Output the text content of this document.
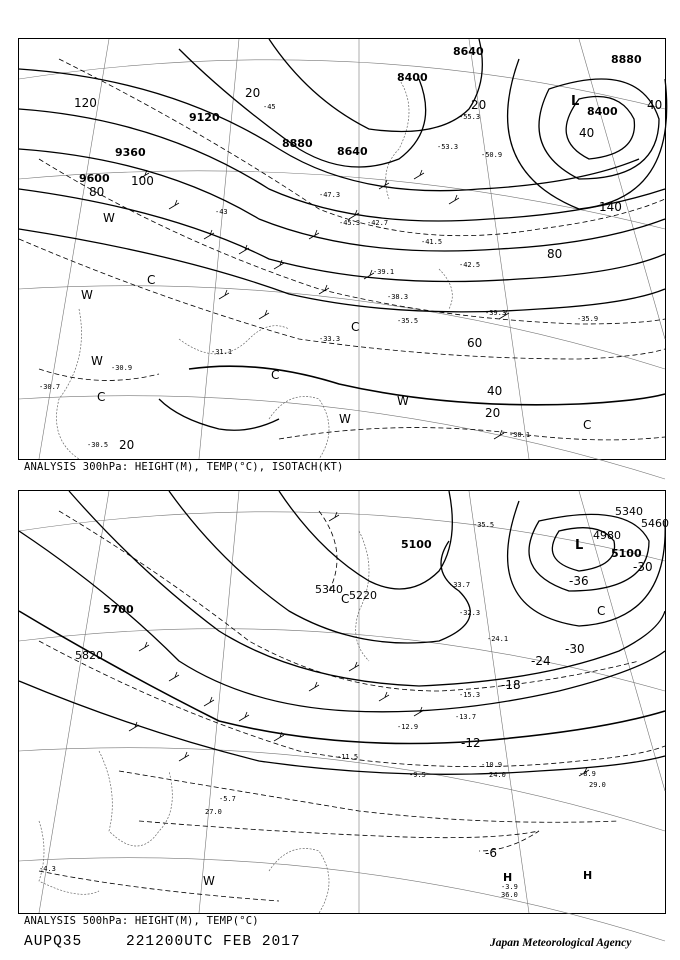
9600
9360
9120
8880
8640
8400
8400
8880
8640
120
100
80
80
60
40
20
20
20
20
40
40
140
-55.3
-53.3
-50.9
-47.3
-45.3 -42.7
-41.5
-39.1
-38.3
-35.5	-35.9
-33.3
-31.1
-30.9
-30.7
-30.5
-30.1
-39.3
-42.5
-45
-43
L
W
W
W
C
C
C
W
W	C
C
ANALYSIS 300hPa: HEIGHT(M), TEMP(°C), ISOTACH(KT)
5700
5820
5220
5340
5100
4980
5100
5340
5460
-36
-30
-30
-24
-18
-12
-6
-35.5
-33.7
-32.3
-24.1
-15.3
-13.7
-12.9
-11.5
-10.9
-9.5	-8.9
-5.7
-4.3
-3.9
36.0
29.0
24.0
27.0
L
C
C
W	H	H
ANALYSIS 500hPa: HEIGHT(M), TEMP(°C)
AUPQ35	221200UTC FEB 2017	Japan Meteorological Agency
